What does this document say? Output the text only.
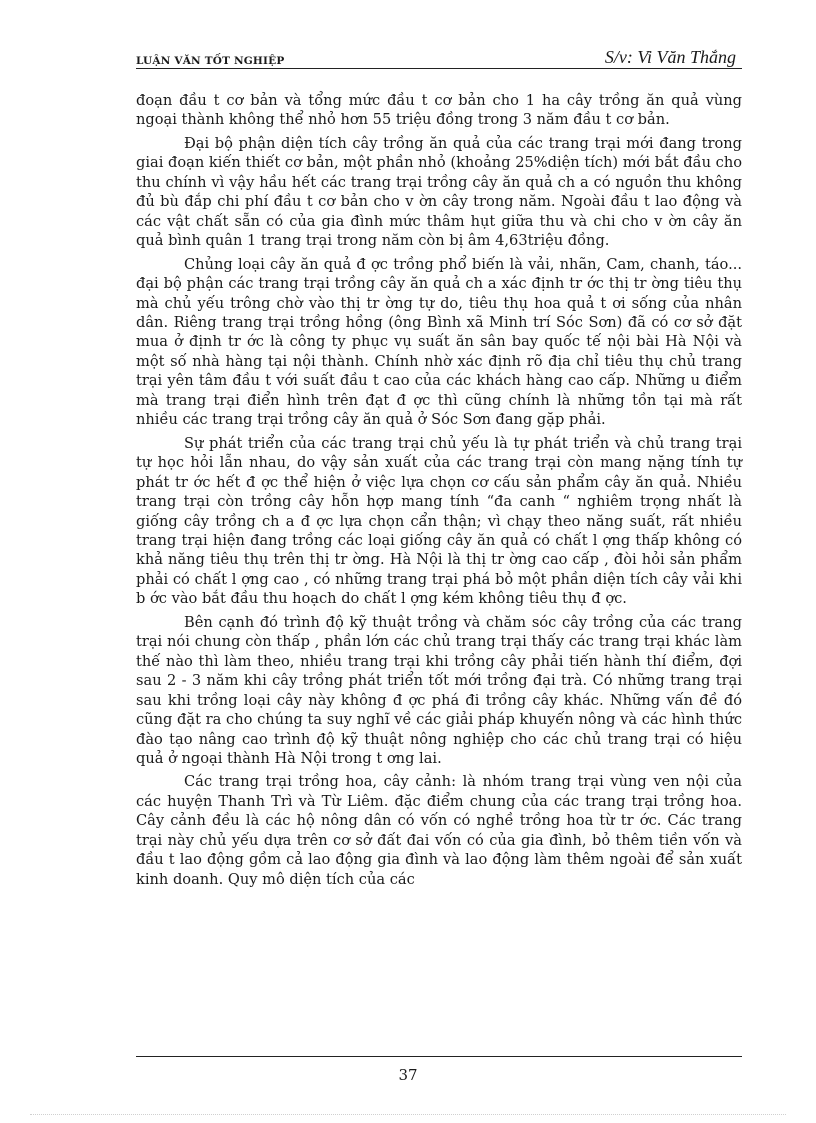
LUẬN VĂN TỐT NGHIỆP	S/v: Vi Văn Thắng

đoạn đầu t cơ bản và tổng mức đầu t cơ bản cho 1 ha cây trồng ăn quả vùng ngoại thành không thể nhỏ hơn 55 triệu đồng trong 3 năm đầu t cơ bản.

Đại bộ phận diện tích cây trồng ăn quả của các trang trại mới đang trong giai đoạn kiến thiết cơ bản, một phần nhỏ (khoảng 25%diện tích) mới bắt đầu cho thu chính vì vậy hầu hết các trang trại trồng cây ăn quả ch a có nguồn thu không đủ bù đắp chi phí đầu t cơ bản cho v ờn cây trong năm. Ngoài đầu t lao động và các vật chất sẵn có của gia đình mức thâm hụt giữa thu và chi cho v ờn cây ăn quả bình quân 1 trang trại trong năm còn bị âm 4,63triệu đồng.

Chủng loại cây ăn quả đ ợc trồng phổ biến là vải, nhãn, Cam, chanh, táo... đại bộ phận các trang trại trồng cây ăn quả ch a xác định tr ớc thị tr ờng tiêu thụ mà chủ yếu trông chờ vào thị tr ờng tự do, tiêu thụ hoa quả t ơi sống của nhân dân. Riêng trang trại trồng hồng (ông Bình xã Minh trí Sóc Sơn) đã có cơ sở đặt mua ở định tr ớc là công ty phục vụ suất ăn sân bay quốc tế nội bài Hà Nội và một số nhà hàng tại nội thành. Chính nhờ xác định rõ địa chỉ tiêu thụ chủ trang trại yên tâm đầu t với suất đầu t cao của các khách hàng cao cấp. Những u điểm mà trang trại điển hình trên đạt đ ợc thì cũng chính là những tồn tại mà rất nhiều các trang trại trồng cây ăn quả ở Sóc Sơn đang gặp phải.

Sự phát triển của các trang trại chủ yếu là tự phát triển và chủ trang trại tự học hỏi lẫn nhau, do vậy sản xuất của các trang trại còn mang nặng tính tự phát tr ớc hết đ ợc thể hiện ở việc lựa chọn cơ cấu sản phẩm cây ăn quả. Nhiều trang trại còn trồng cây hỗn hợp mang tính “đa canh “ nghiêm trọng nhất là giống cây trồng ch a đ ợc lựa chọn cẩn thận; vì chạy theo năng suất, rất nhiều trang trại hiện đang trồng các loại giống cây ăn quả có chất l ợng thấp không có khả năng tiêu thụ trên thị tr ờng. Hà Nội là thị tr ờng cao cấp , đòi hỏi sản phẩm phải có chất l ợng cao , có những trang trại phá bỏ một phần diện tích cây vải khi b ớc vào bắt đầu thu hoạch do chất l ợng kém không tiêu thụ đ ợc.

Bên cạnh đó trình độ kỹ thuật trồng và chăm sóc cây trồng của các trang trại nói chung còn thấp , phần lớn các chủ trang trại thấy các trang trại khác làm thế nào thì làm theo, nhiều trang trại khi trồng cây phải tiến hành thí điểm, đợi sau 2 - 3 năm khi cây trồng phát triển tốt mới trồng đại trà. Có những trang trại sau khi trồng loại cây này không đ ợc phá đi trồng cây khác. Những vấn đề đó cũng đặt ra cho chúng ta suy nghĩ về các giải pháp khuyến nông và các hình thức đào tạo nâng cao trình độ kỹ thuật nông nghiệp cho các chủ trang trại có hiệu quả ở ngoại thành Hà Nội trong t ơng lai.

Các trang trại trồng hoa, cây cảnh: là nhóm trang trại vùng ven nội của các huyện Thanh Trì và Từ Liêm. đặc điểm chung của các trang trại trồng hoa. Cây cảnh đều là các hộ nông dân có vốn có nghề trồng hoa từ tr ớc. Các trang trại này chủ yếu dựa trên cơ sở đất đai vốn có của gia đình, bỏ thêm tiền vốn và đầu t lao động gồm cả lao động gia đình và lao động làm thêm ngoài để sản xuất kinh doanh. Quy mô diện tích của các

37
